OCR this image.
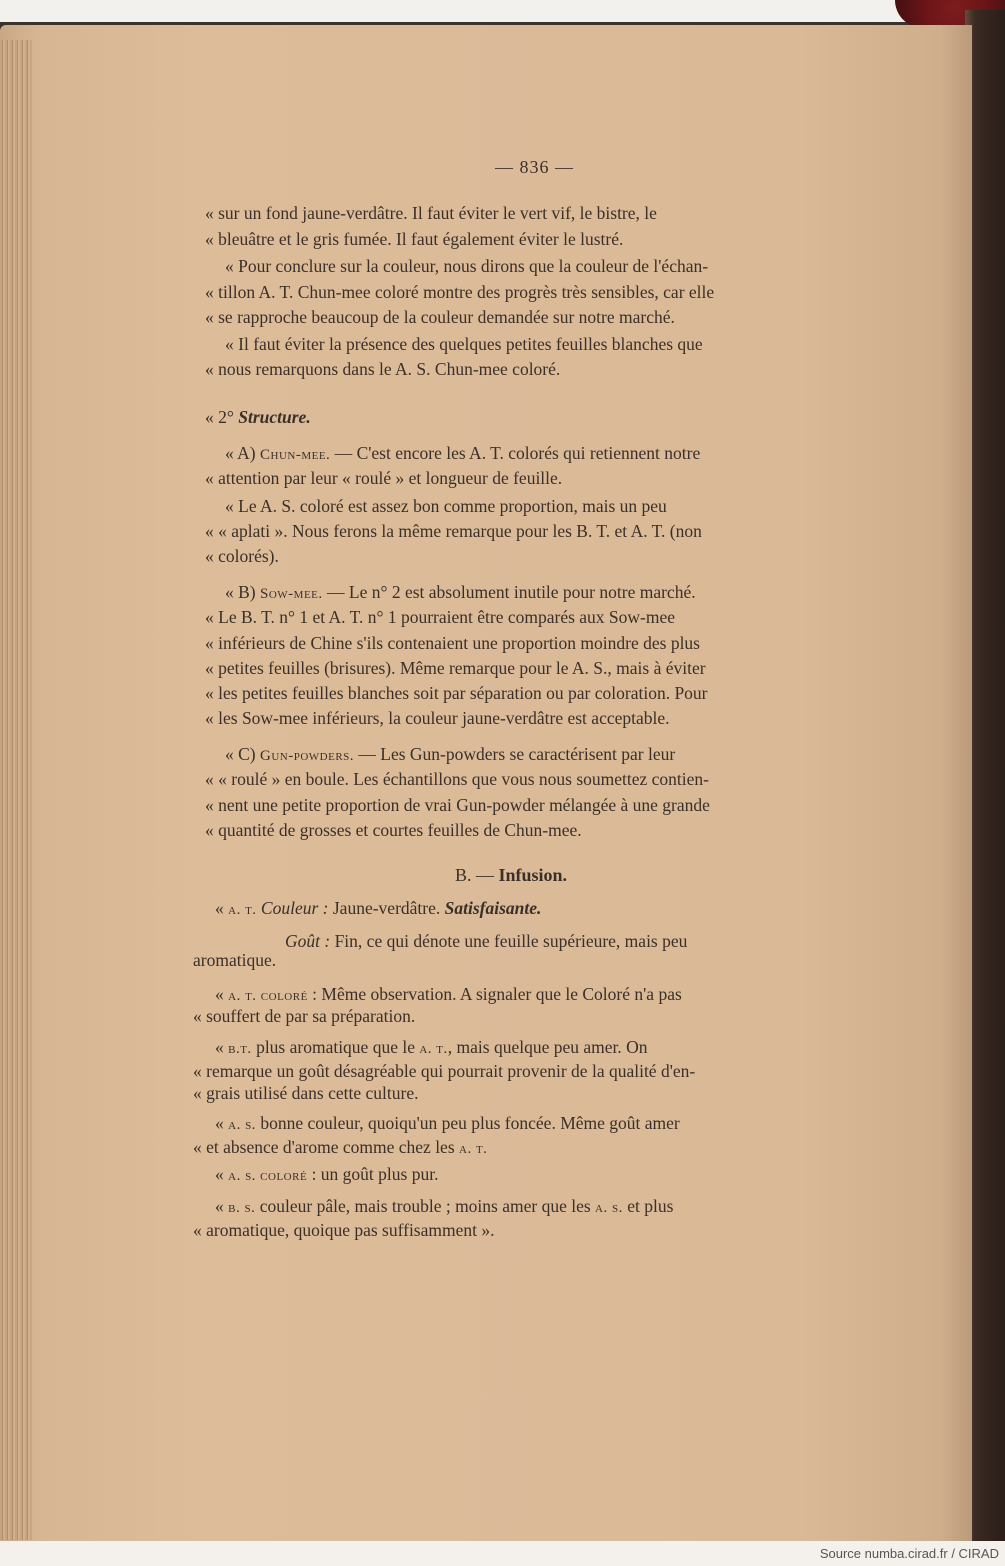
— 836 —
« sur un fond jaune-verdâtre. Il faut éviter le vert vif, le bistre, le
« bleuâtre et le gris fumée. Il faut également éviter le lustré.
« Pour conclure sur la couleur, nous dirons que la couleur de l'échan-
« tillon A. T. Chun-mee coloré montre des progrès très sensibles, car elle
« se rapproche beaucoup de la couleur demandée sur notre marché.
« Il faut éviter la présence des quelques petites feuilles blanches que
« nous remarquons dans le A. S. Chun-mee coloré.
« 2° Structure.
« A) Chun-mee. — C'est encore les A. T. colorés qui retiennent notre
« attention par leur « roulé » et longueur de feuille.
« Le A. S. coloré est assez bon comme proportion, mais un peu
« « aplati ». Nous ferons la même remarque pour les B. T. et A. T. (non
« colorés).
« B) Sow-mee. — Le n° 2 est absolument inutile pour notre marché.
« Le B. T. n° 1 et A. T. n° 1 pourraient être comparés aux Sow-mee
« inférieurs de Chine s'ils contenaient une proportion moindre des plus
« petites feuilles (brisures). Même remarque pour le A. S., mais à éviter
« les petites feuilles blanches soit par séparation ou par coloration. Pour
« les Sow-mee inférieurs, la couleur jaune-verdâtre est acceptable.
« C) Gun-powders. — Les Gun-powders se caractérisent par leur
« « roulé » en boule. Les échantillons que vous nous soumettez contien-
« nent une petite proportion de vrai Gun-powder mélangée à une grande
« quantité de grosses et courtes feuilles de Chun-mee.
B. — Infusion.
« a. t. Couleur : Jaune-verdâtre. Satisfaisante.
Goût : Fin, ce qui dénote une feuille supérieure, mais peu
aromatique.
« a. t. coloré : Même observation. A signaler que le Coloré n'a pas
« souffert de par sa préparation.
« b.t. plus aromatique que le a. t., mais quelque peu amer. On
« remarque un goût désagréable qui pourrait provenir de la qualité d'en-
« grais utilisé dans cette culture.
« a. s. bonne couleur, quoiqu'un peu plus foncée. Même goût amer
« et absence d'arome comme chez les a. t.
« a. s. coloré : un goût plus pur.
« b. s. couleur pâle, mais trouble ; moins amer que les a. s. et plus
« aromatique, quoique pas suffisamment ».
Source numba.cirad.fr / CIRAD
